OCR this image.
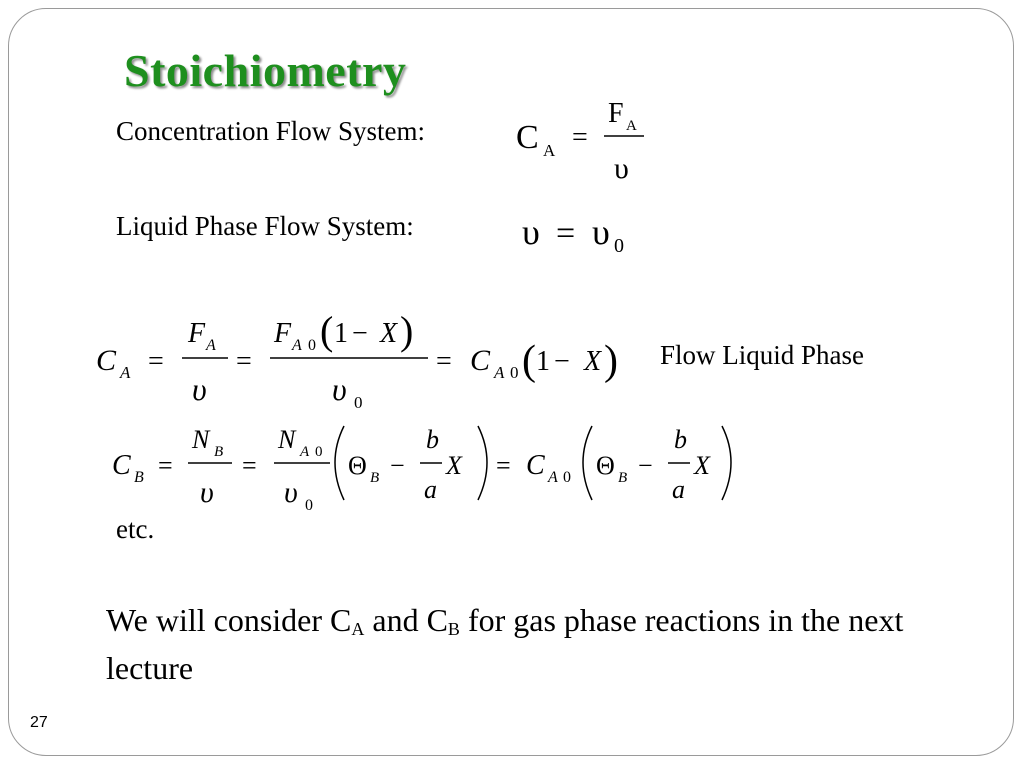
Stoichiometry
Concentration Flow System:	C A =
F A
υ
Liquid Phase Flow System:	υ = υ 0
C A =
F A
υ
=
F A 0 ( 1 − X )
υ 0
= C A 0 ( 1 − X ) Flow Liquid Phase
C B =
N B
υ
=
N A 0
υ 0
Θ B −
b
a
X = C A 0 Θ B −
b
a
X
etc.
We will consider $C_A$ and $C_B$ for gas phase reactions in the next lecture
27
